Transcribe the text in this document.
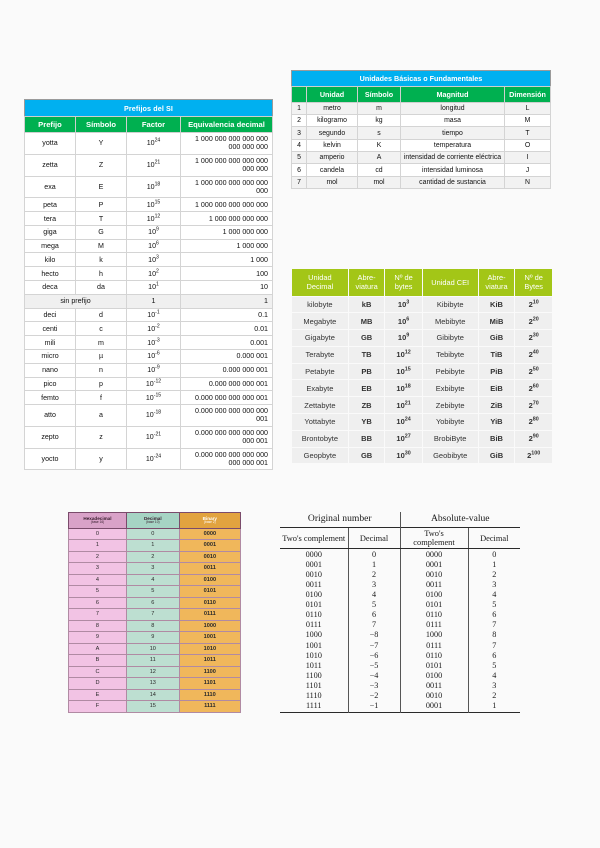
Prefijos del SI			
Prefijo	Símbolo	Factor	Equivalencia decimal
yotta	Y	$10^{24}$	1 000 000 000 000 000 000 000 000
zetta	Z	$10^{21}$	1 000 000 000 000 000 000 000
exa	E	$10^{18}$	1 000 000 000 000 000 000
peta	P	$10^{15}$	1 000 000 000 000 000
tera	T	$10^{12}$	1 000 000 000 000
giga	G	$10^9$	1 000 000 000
mega	M	$10^6$	1 000 000
kilo	k	$10^3$	1 000
hecto	h	$10^2$	100
deca	da	$10^1$	10
sin prefijo		1	1
deci	d	$10^{-1}$	0.1
centi	c	$10^{-2}$	0.01
mili	m	$10^{-3}$	0.001
micro	µ	$10^{-6}$	0.000 001
nano	n	$10^{-9}$	0.000 000 001
pico	p	$10^{-12}$	0.000 000 000 001
femto	f	$10^{-15}$	0.000 000 000 000 001
atto	a	$10^{-18}$	0.000 000 000 000 000 001
zepto	z	$10^{-21}$	0.000 000 000 000 000 000 001
yocto	y	$10^{-24}$	0.000 000 000 000 000 000 000 001
Unidades Básicas o Fundamentales				
	Unidad	Símbolo	Magnitud	Dimensión
1	metro	m	longitud	L
2	kilogramo	kg	masa	M
3	segundo	s	tiempo	T
4	kelvin	K	temperatura	O
5	amperio	A	intensidad de corriente eléctrica	I
6	candela	cd	intensidad luminosa	J
7	mol	mol	cantidad de sustancia	N
Unidad Decimal	Abre-viatura	Nº de bytes	Unidad CEI	Abre-viatura	Nº de Bytes
kilobyte	kB	$10^3$	Kibibyte	KiB	$2^{10}$
Megabyte	MB	$10^6$	Mebibyte	MiB	$2^{20}$
Gigabyte	GB	$10^9$	Gibibyte	GiB	$2^{30}$
Terabyte	TB	$10^{12}$	Tebibyte	TiB	$2^{40}$
Petabyte	PB	$10^{15}$	Pebibyte	PiB	$2^{50}$
Exabyte	EB	$10^{18}$	Exbibyte	EiB	$2^{60}$
Zettabyte	ZB	$10^{21}$	Zebibyte	ZiB	$2^{70}$
Yottabyte	YB	$10^{24}$	Yobibyte	YiB	$2^{80}$
Brontobyte	BB	$10^{27}$	BrobiByte	BiB	$2^{90}$
Geopbyte	GB	$10^{30}$	Geobibyte	GiB	$2^{100}$
Hexadecimal
(base 16)	Decimal
(base 10)	Binary
(base 2)

0	0	0000
1	1	0001
2	2	0010
3	3	0011
4	4	0100
5	5	0101
6	6	0110
7	7	0111
8	8	1000
9	9	1001
A	10	1010
B	11	1011
C	12	1100
D	13	1101
E	14	1110
F	15	1111
Original number		Absolute-value	
Two's complement	Decimal	Two's complement	Decimal

0000	0	0000	0
0001	1	0001	1
0010	2	0010	2
0011	3	0011	3
0100	4	0100	4
0101	5	0101	5
0110	6	0110	6
0111	7	0111	7
1000	−8	1000	8
1001	−7	0111	7
1010	−6	0110	6
1011	−5	0101	5
1100	−4	0100	4
1101	−3	0011	3
1110	−2	0010	2
1111	−1	0001	1
